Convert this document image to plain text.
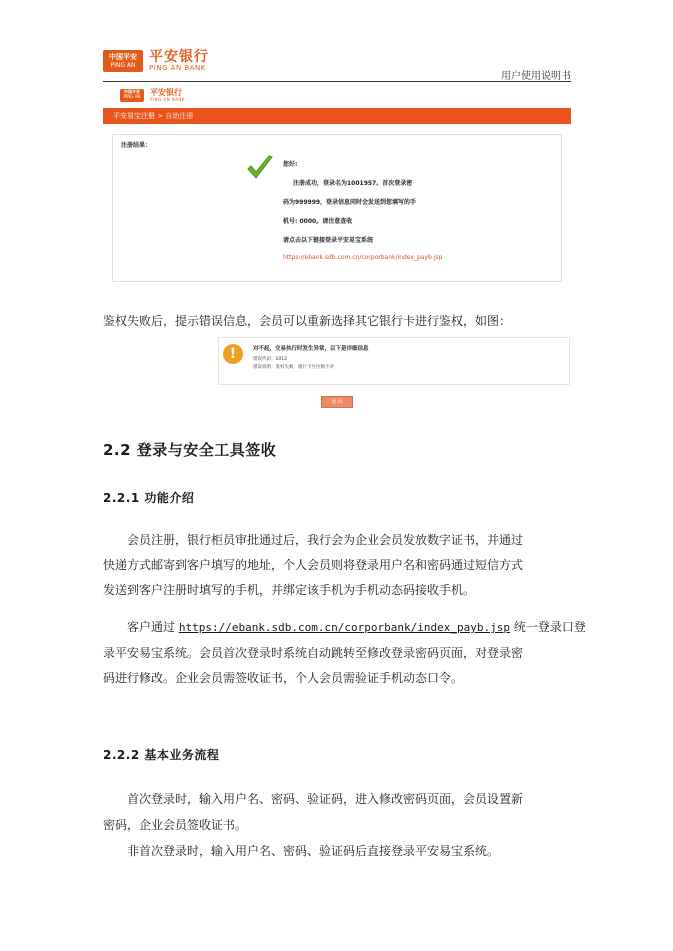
中国平安
PING AN
平安银行
PING AN BANK
用户使用说明书
中国平安
PING AN 平安银行
PING AN BANK
平安易宝注册 > 自助注册
注册结果：
您好:
注册成功，登录名为1001957。首次登录密
码为999999，登录信息同时会发送到您填写的手
机号: 0000。请注意查收
请点击以下链接登录平安易宝系统
https://ebank.sdb.com.cn/corporbank/index_payb.jsp
鉴权失败后，提示错误信息，会员可以重新选择其它银行卡进行鉴权，如图：
!	对不起，交易执行时发生异常，以下是详细信息
错误代码：1012
错误说明：鉴权失败：银行卡号位数不对
返 回
2.2 登录与安全工具签收
2.2.1 功能介绍
会员注册，银行柜员审批通过后，我行会为企业会员发放数字证书，并通过
快递方式邮寄到客户填写的地址，个人会员则将登录用户名和密码通过短信方式
发送到客户注册时填写的手机，并绑定该手机为手机动态码接收手机。
客户通过 https://ebank.sdb.com.cn/corporbank/index_payb.jsp 统一登录口登
录平安易宝系统。会员首次登录时系统自动跳转至修改登录密码页面，对登录密
码进行修改。企业会员需签收证书，个人会员需验证手机动态口令。
2.2.2 基本业务流程
首次登录时，输入用户名、密码、验证码，进入修改密码页面，会员设置新
密码，企业会员签收证书。
非首次登录时，输入用户名、密码、验证码后直接登录平安易宝系统。
